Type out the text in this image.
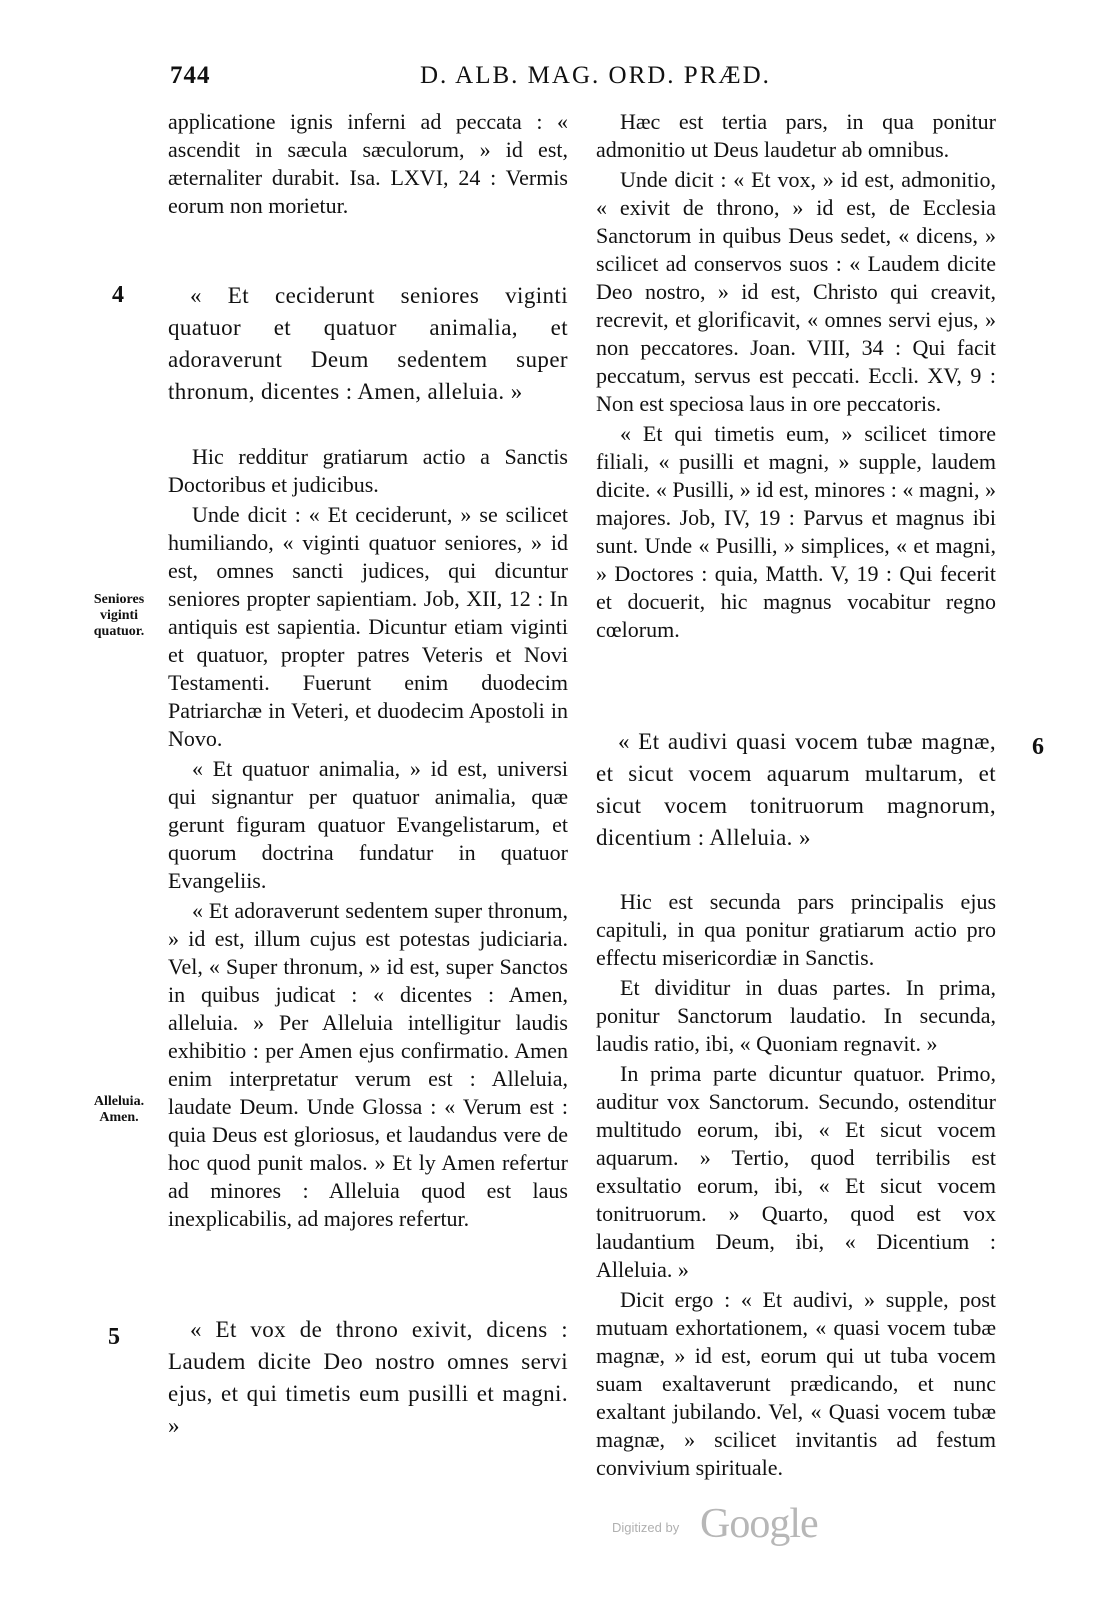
744	D. ALB. MAG. ORD. PRÆD.

applicatione ignis inferni ad peccata : « ascendit in sæcula sæculorum, » id est, æternaliter durabit. Isa. LXVI, 24 : Vermis eorum non morietur.

4	« Et ceciderunt seniores viginti quatuor et quatuor animalia, et adoraverunt Deum sedentem super thronum, dicentes : Amen, alleluia. »

Hic redditur gratiarum actio a Sanctis Doctoribus et judicibus.

Unde dicit : « Et ceciderunt, » se scilicet humiliando, « viginti quatuor seniores, » id est, omnes sancti judices, qui dicuntur seniores propter sapientiam. Job, XII, 12 : In antiquis est sapientia. Dicuntur etiam viginti et quatuor, propter patres Veteris et Novi Testamenti. Fuerunt enim duodecim Patriarchæ in Veteri, et duodecim Apostoli in Novo.

« Et quatuor animalia, » id est, universi qui signantur per quatuor animalia, quæ gerunt figuram quatuor Evangelistarum, et quorum doctrina fundatur in quatuor Evangeliis.

« Et adoraverunt sedentem super thronum, » id est, illum cujus est potestas judiciaria. Vel, « Super thronum, » id est, super Sanctos in quibus judicat : « dicentes : Amen, alleluia. » Per Alleluia intelligitur laudis exhibitio : per Amen ejus confirmatio. Amen enim interpretatur verum est : Alleluia, laudate Deum. Unde Glossa : « Verum est : quia Deus est gloriosus, et laudandus vere de hoc quod punit malos. » Et ly Amen refertur ad minores : Alleluia quod est laus inexplicabilis, ad majores refertur.

Seniores viginti quatuor.
Alleluia. Amen.
5	« Et vox de throno exivit, dicens : Laudem dicite Deo nostro omnes servi ejus, et qui timetis eum pusilli et magni. »

Hæc est tertia pars, in qua ponitur admonitio ut Deus laudetur ab omnibus.

Unde dicit : « Et vox, » id est, admonitio, « exivit de throno, » id est, de Ecclesia Sanctorum in quibus Deus sedet, « dicens, » scilicet ad conservos suos : « Laudem dicite Deo nostro, » id est, Christo qui creavit, recrevit, et glorificavit, « omnes servi ejus, » non peccatores. Joan. VIII, 34 : Qui facit peccatum, servus est peccati. Eccli. XV, 9 : Non est speciosa laus in ore peccatoris.

« Et qui timetis eum, » scilicet timore filiali, « pusilli et magni, » supple, laudem dicite. « Pusilli, » id est, minores : « magni, » majores. Job, IV, 19 : Parvus et magnus ibi sunt. Unde « Pusilli, » simplices, « et magni, » Doctores : quia, Matth. V, 19 : Qui fecerit et docuerit, hic magnus vocabitur regno cœlorum.

6

« Et audivi quasi vocem tubæ magnæ, et sicut vocem aquarum multarum, et sicut vocem tonitruorum magnorum, dicentium : Alleluia. »

Hic est secunda pars principalis ejus capituli, in qua ponitur gratiarum actio pro effectu misericordiæ in Sanctis.

Et dividitur in duas partes. In prima, ponitur Sanctorum laudatio. In secunda, laudis ratio, ibi, « Quoniam regnavit. »

In prima parte dicuntur quatuor. Primo, auditur vox Sanctorum. Secundo, ostenditur multitudo eorum, ibi, « Et sicut vocem aquarum. » Tertio, quod terribilis est exsultatio eorum, ibi, « Et sicut vocem tonitruorum. » Quarto, quod est vox laudantium Deum, ibi, « Dicentium : Alleluia. »

Dicit ergo : « Et audivi, » supple, post mutuam exhortationem, « quasi vocem tubæ magnæ, » id est, eorum qui ut tuba vocem suam exaltaverunt prædicando, et nunc exaltant jubilando. Vel, « Quasi vocem tubæ magnæ, » scilicet invitantis ad festum convivium spirituale.

Digitized by Google
